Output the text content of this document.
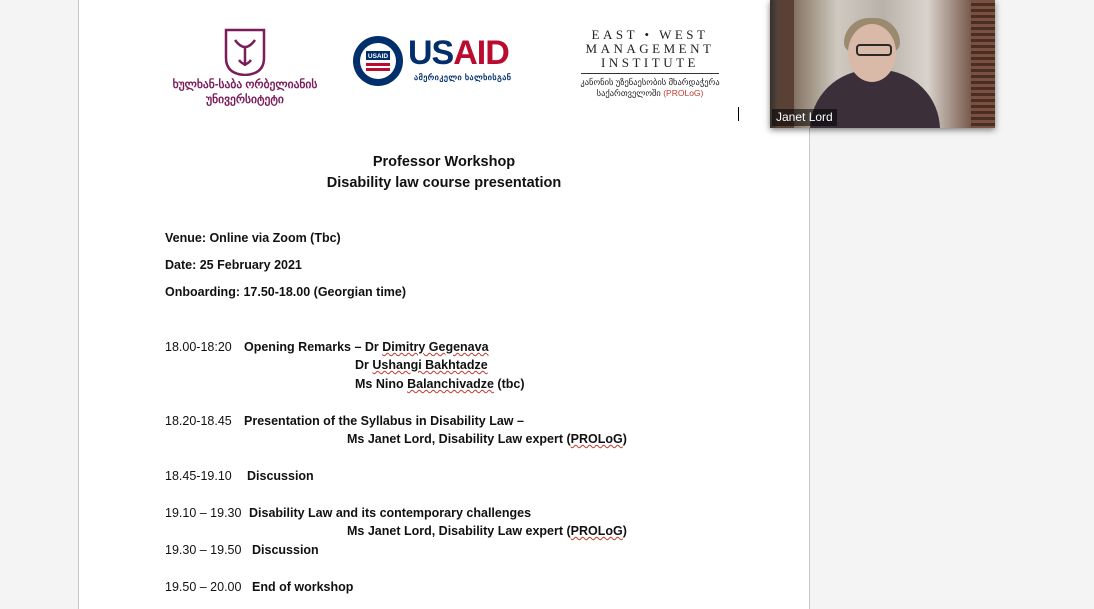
ხულხან-საბა ორბელიანის
უნივერსიტეტი
USAID USAID
ამერიკელი ხალხისგან
EAST • WEST
MANAGEMENT
INSTITUTE
კანონის უზენაესობის მხარდაჭერა
საქართველოში (PROLoG)
Professor Workshop
Disability law course presentation
Venue: Online via Zoom (Tbc)
Date: 25 February 2021
Onboarding: 17.50-18.00 (Georgian time)
18.00-18:20 Opening Remarks – Dr Dimitry Gegenava
Dr Ushangi Bakhtadze
Ms Nino Balanchivadze (tbc)
18.20-18.45 Presentation of the Syllabus in Disability Law –
Ms Janet Lord, Disability Law expert (PROLoG)
18.45-19.10 Discussion
19.10 – 19.30 Disability Law and its contemporary challenges
Ms Janet Lord, Disability Law expert (PROLoG)
19.30 – 19.50 Discussion
19.50 – 20.00 End of workshop
Janet Lord
